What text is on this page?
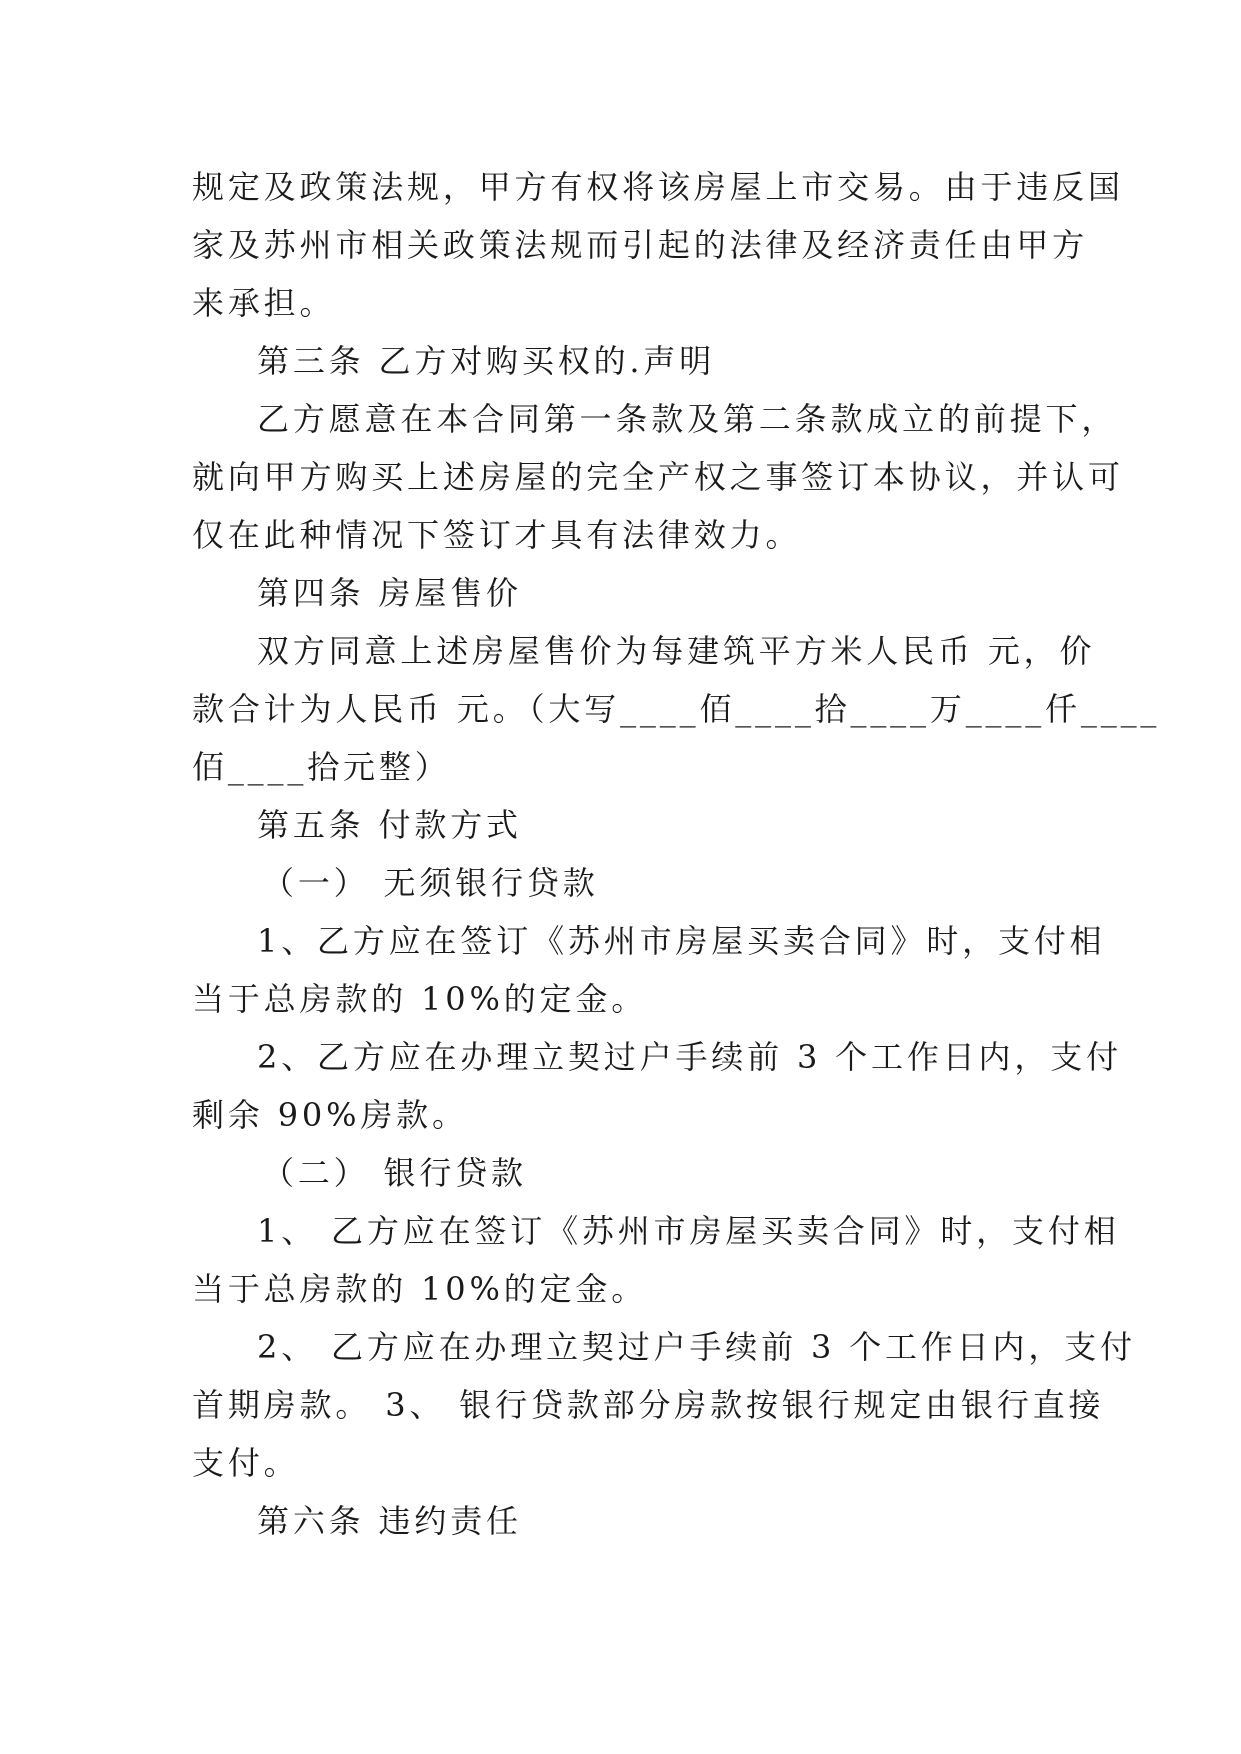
规定及政策法规，甲方有权将该房屋上市交易。由于违反国
家及苏州市相关政策法规而引起的法律及经济责任由甲方
来承担。
第三条 乙方对购买权的.声明
乙方愿意在本合同第一条款及第二条款成立的前提下，
就向甲方购买上述房屋的完全产权之事签订本协议，并认可
仅在此种情况下签订才具有法律效力。
第四条 房屋售价
双方同意上述房屋售价为每建筑平方米人民币 元，价
款合计为人民币 元。（大写____佰____拾____万____仟____
佰____拾元整）
第五条 付款方式
（一） 无须银行贷款
1、乙方应在签订《苏州市房屋买卖合同》时，支付相
当于总房款的 10%的定金。
2、乙方应在办理立契过户手续前 3 个工作日内，支付
剩余 90%房款。
（二） 银行贷款
1、 乙方应在签订《苏州市房屋买卖合同》时，支付相
当于总房款的 10%的定金。
2、 乙方应在办理立契过户手续前 3 个工作日内，支付
首期房款。 3、 银行贷款部分房款按银行规定由银行直接
支付。
第六条 违约责任
